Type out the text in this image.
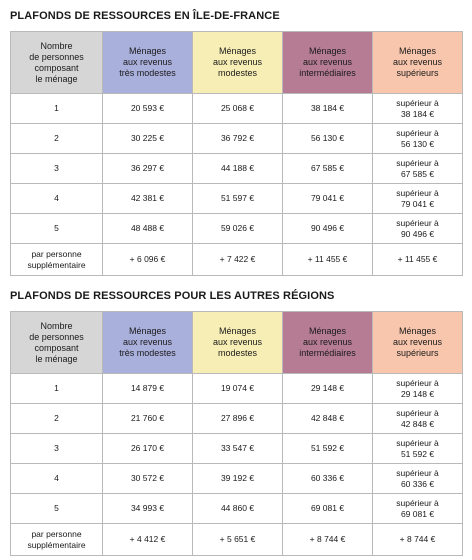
PLAFONDS DE RESSOURCES EN ÎLE-DE-FRANCE

Nombre
de personnes
composant
le ménage	Ménages
aux revenus
très modestes	Ménages
aux revenus
modestes	Ménages
aux revenus
intermédiaires	Ménages
aux revenus
supérieurs
1	20 593 €	25 068 €	38 184 €	supérieur à
38 184 €
2	30 225 €	36 792 €	56 130 €	supérieur à
56 130 €
3	36 297 €	44 188 €	67 585 €	supérieur à
67 585 €
4	42 381 €	51 597 €	79 041 €	supérieur à
79 041 €
5	48 488 €	59 026 €	90 496 €	supérieur à
90 496 €
par personne
supplémentaire	+ 6 096 €	+ 7 422 €	+ 11 455 €	+ 11 455 €

PLAFONDS DE RESSOURCES POUR LES AUTRES RÉGIONS

Nombre
de personnes
composant
le ménage	Ménages
aux revenus
très modestes	Ménages
aux revenus
modestes	Ménages
aux revenus
intermédiaires	Ménages
aux revenus
supérieurs
1	14 879 €	19 074 €	29 148 €	supérieur à
29 148 €
2	21 760 €	27 896 €	42 848 €	supérieur à
42 848 €
3	26 170 €	33 547 €	51 592 €	supérieur à
51 592 €
4	30 572 €	39 192 €	60 336 €	supérieur à
60 336 €
5	34 993 €	44 860 €	69 081 €	supérieur à
69 081 €
par personne
supplémentaire	+ 4 412 €	+ 5 651 €	+ 8 744 €	+ 8 744 €
